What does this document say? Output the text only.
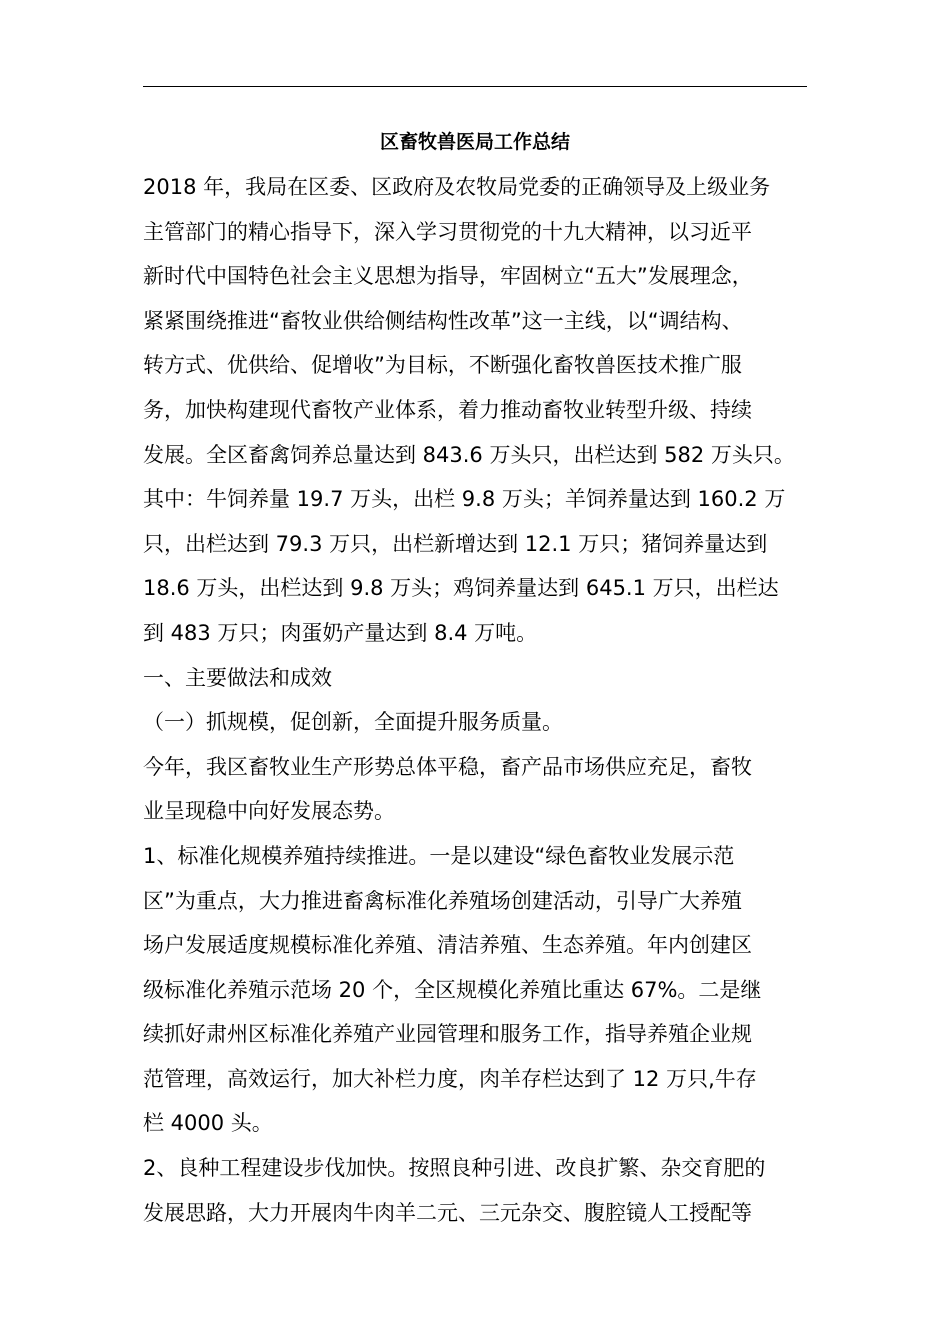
区畜牧兽医局工作总结

2018 年，我局在区委、区政府及农牧局党委的正确领导及上级业务

主管部门的精心指导下，深入学习贯彻党的十九大精神，以习近平

新时代中国特色社会主义思想为指导，牢固树立“五大”发展理念，

紧紧围绕推进“畜牧业供给侧结构性改革”这一主线，以“调结构、

转方式、优供给、促增收”为目标，不断强化畜牧兽医技术推广服

务，加快构建现代畜牧产业体系，着力推动畜牧业转型升级、持续

发展。全区畜禽饲养总量达到 843.6 万头只，出栏达到 582 万头只。

其中：牛饲养量 19.7 万头，出栏 9.8 万头；羊饲养量达到 160.2 万

只，出栏达到 79.3 万只，出栏新增达到 12.1 万只；猪饲养量达到

18.6 万头，出栏达到 9.8 万头；鸡饲养量达到 645.1 万只，出栏达

到 483 万只；肉蛋奶产量达到 8.4 万吨。

一、主要做法和成效

（一）抓规模，促创新，全面提升服务质量。

今年，我区畜牧业生产形势总体平稳，畜产品市场供应充足，畜牧

业呈现稳中向好发展态势。

1、标准化规模养殖持续推进。一是以建设“绿色畜牧业发展示范

区”为重点，大力推进畜禽标准化养殖场创建活动，引导广大养殖

场户发展适度规模标准化养殖、清洁养殖、生态养殖。年内创建区

级标准化养殖示范场 20 个，全区规模化养殖比重达 67%。二是继

续抓好肃州区标准化养殖产业园管理和服务工作，指导养殖企业规

范管理，高效运行，加大补栏力度，肉羊存栏达到了 12 万只,牛存

栏 4000 头。

2、良种工程建设步伐加快。按照良种引进、改良扩繁、杂交育肥的

发展思路，大力开展肉牛肉羊二元、三元杂交、腹腔镜人工授配等
